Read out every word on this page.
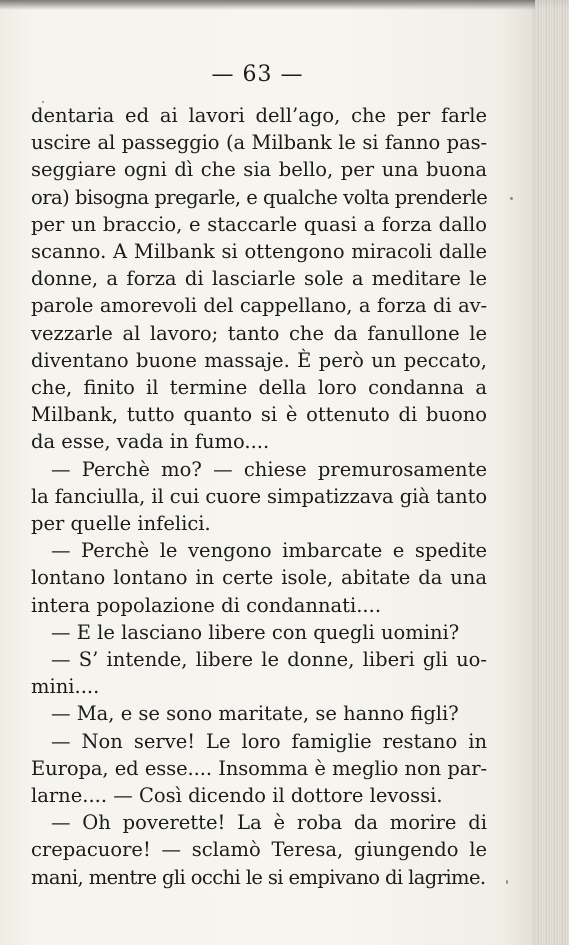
— 63 —
dentaria ed ai lavori dell’ago, che per farle
uscire al passeggio (a Milbank le si fanno pas-
seggiare ogni dì che sia bello, per una buona
ora) bisogna pregarle, e qualche volta prenderle
per un braccio, e staccarle quasi a forza dallo
scanno. A Milbank si ottengono miracoli dalle
donne, a forza di lasciarle sole a meditare le
parole amorevoli del cappellano, a forza di av-
vezzarle al lavoro; tanto che da fanullone le
diventano buone massaje. È però un peccato,
che, finito il termine della loro condanna a
Milbank, tutto quanto si è ottenuto di buono
da esse, vada in fumo....
— Perchè mo? — chiese premurosamente
la fanciulla, il cui cuore simpatizzava già tanto
per quelle infelici.
— Perchè le vengono imbarcate e spedite
lontano lontano in certe isole, abitate da una
intera popolazione di condannati....
— E le lasciano libere con quegli uomini?
— S’ intende, libere le donne, liberi gli uo-
mini....
— Ma, e se sono maritate, se hanno figli?
— Non serve! Le loro famiglie restano in
Europa, ed esse.... Insomma è meglio non par-
larne.... — Così dicendo il dottore levossi.
— Oh poverette! La è roba da morire di
crepacuore! — sclamò Teresa, giungendo le
mani, mentre gli occhi le si empivano di lagrime.
